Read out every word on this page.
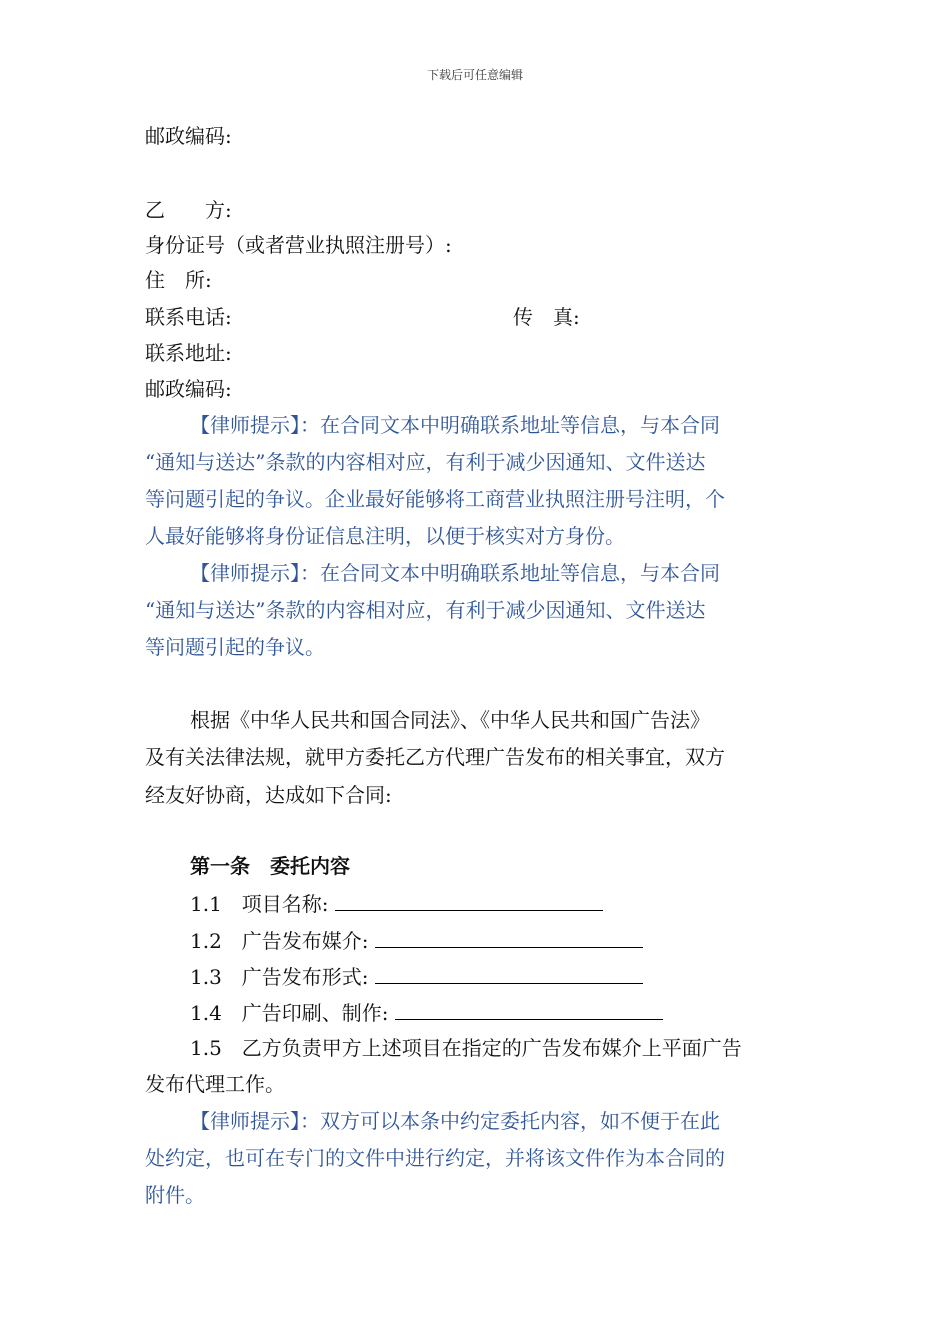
下载后可任意编辑
邮政编码:
乙　　方:
身份证号（或者营业执照注册号）:
住　所:
联系电话:	传　真:
联系地址:
邮政编码:
【律师提示】：在合同文本中明确联系地址等信息，与本合同
“通知与送达”条款的内容相对应，有利于减少因通知、文件送达
等问题引起的争议。企业最好能够将工商营业执照注册号注明，个
人最好能够将身份证信息注明，以便于核实对方身份。
【律师提示】：在合同文本中明确联系地址等信息，与本合同
“通知与送达”条款的内容相对应，有利于减少因通知、文件送达
等问题引起的争议。
根据《中华人民共和国合同法》、《中华人民共和国广告法》
及有关法律法规，就甲方委托乙方代理广告发布的相关事宜，双方
经友好协商，达成如下合同:
第一条　委托内容
1.1　项目名称:
1.2　广告发布媒介:
1.3　广告发布形式:
1.4　广告印刷、制作:
1.5　乙方负责甲方上述项目在指定的广告发布媒介上平面广告
发布代理工作。
【律师提示】：双方可以本条中约定委托内容，如不便于在此
处约定，也可在专门的文件中进行约定，并将该文件作为本合同的
附件。
